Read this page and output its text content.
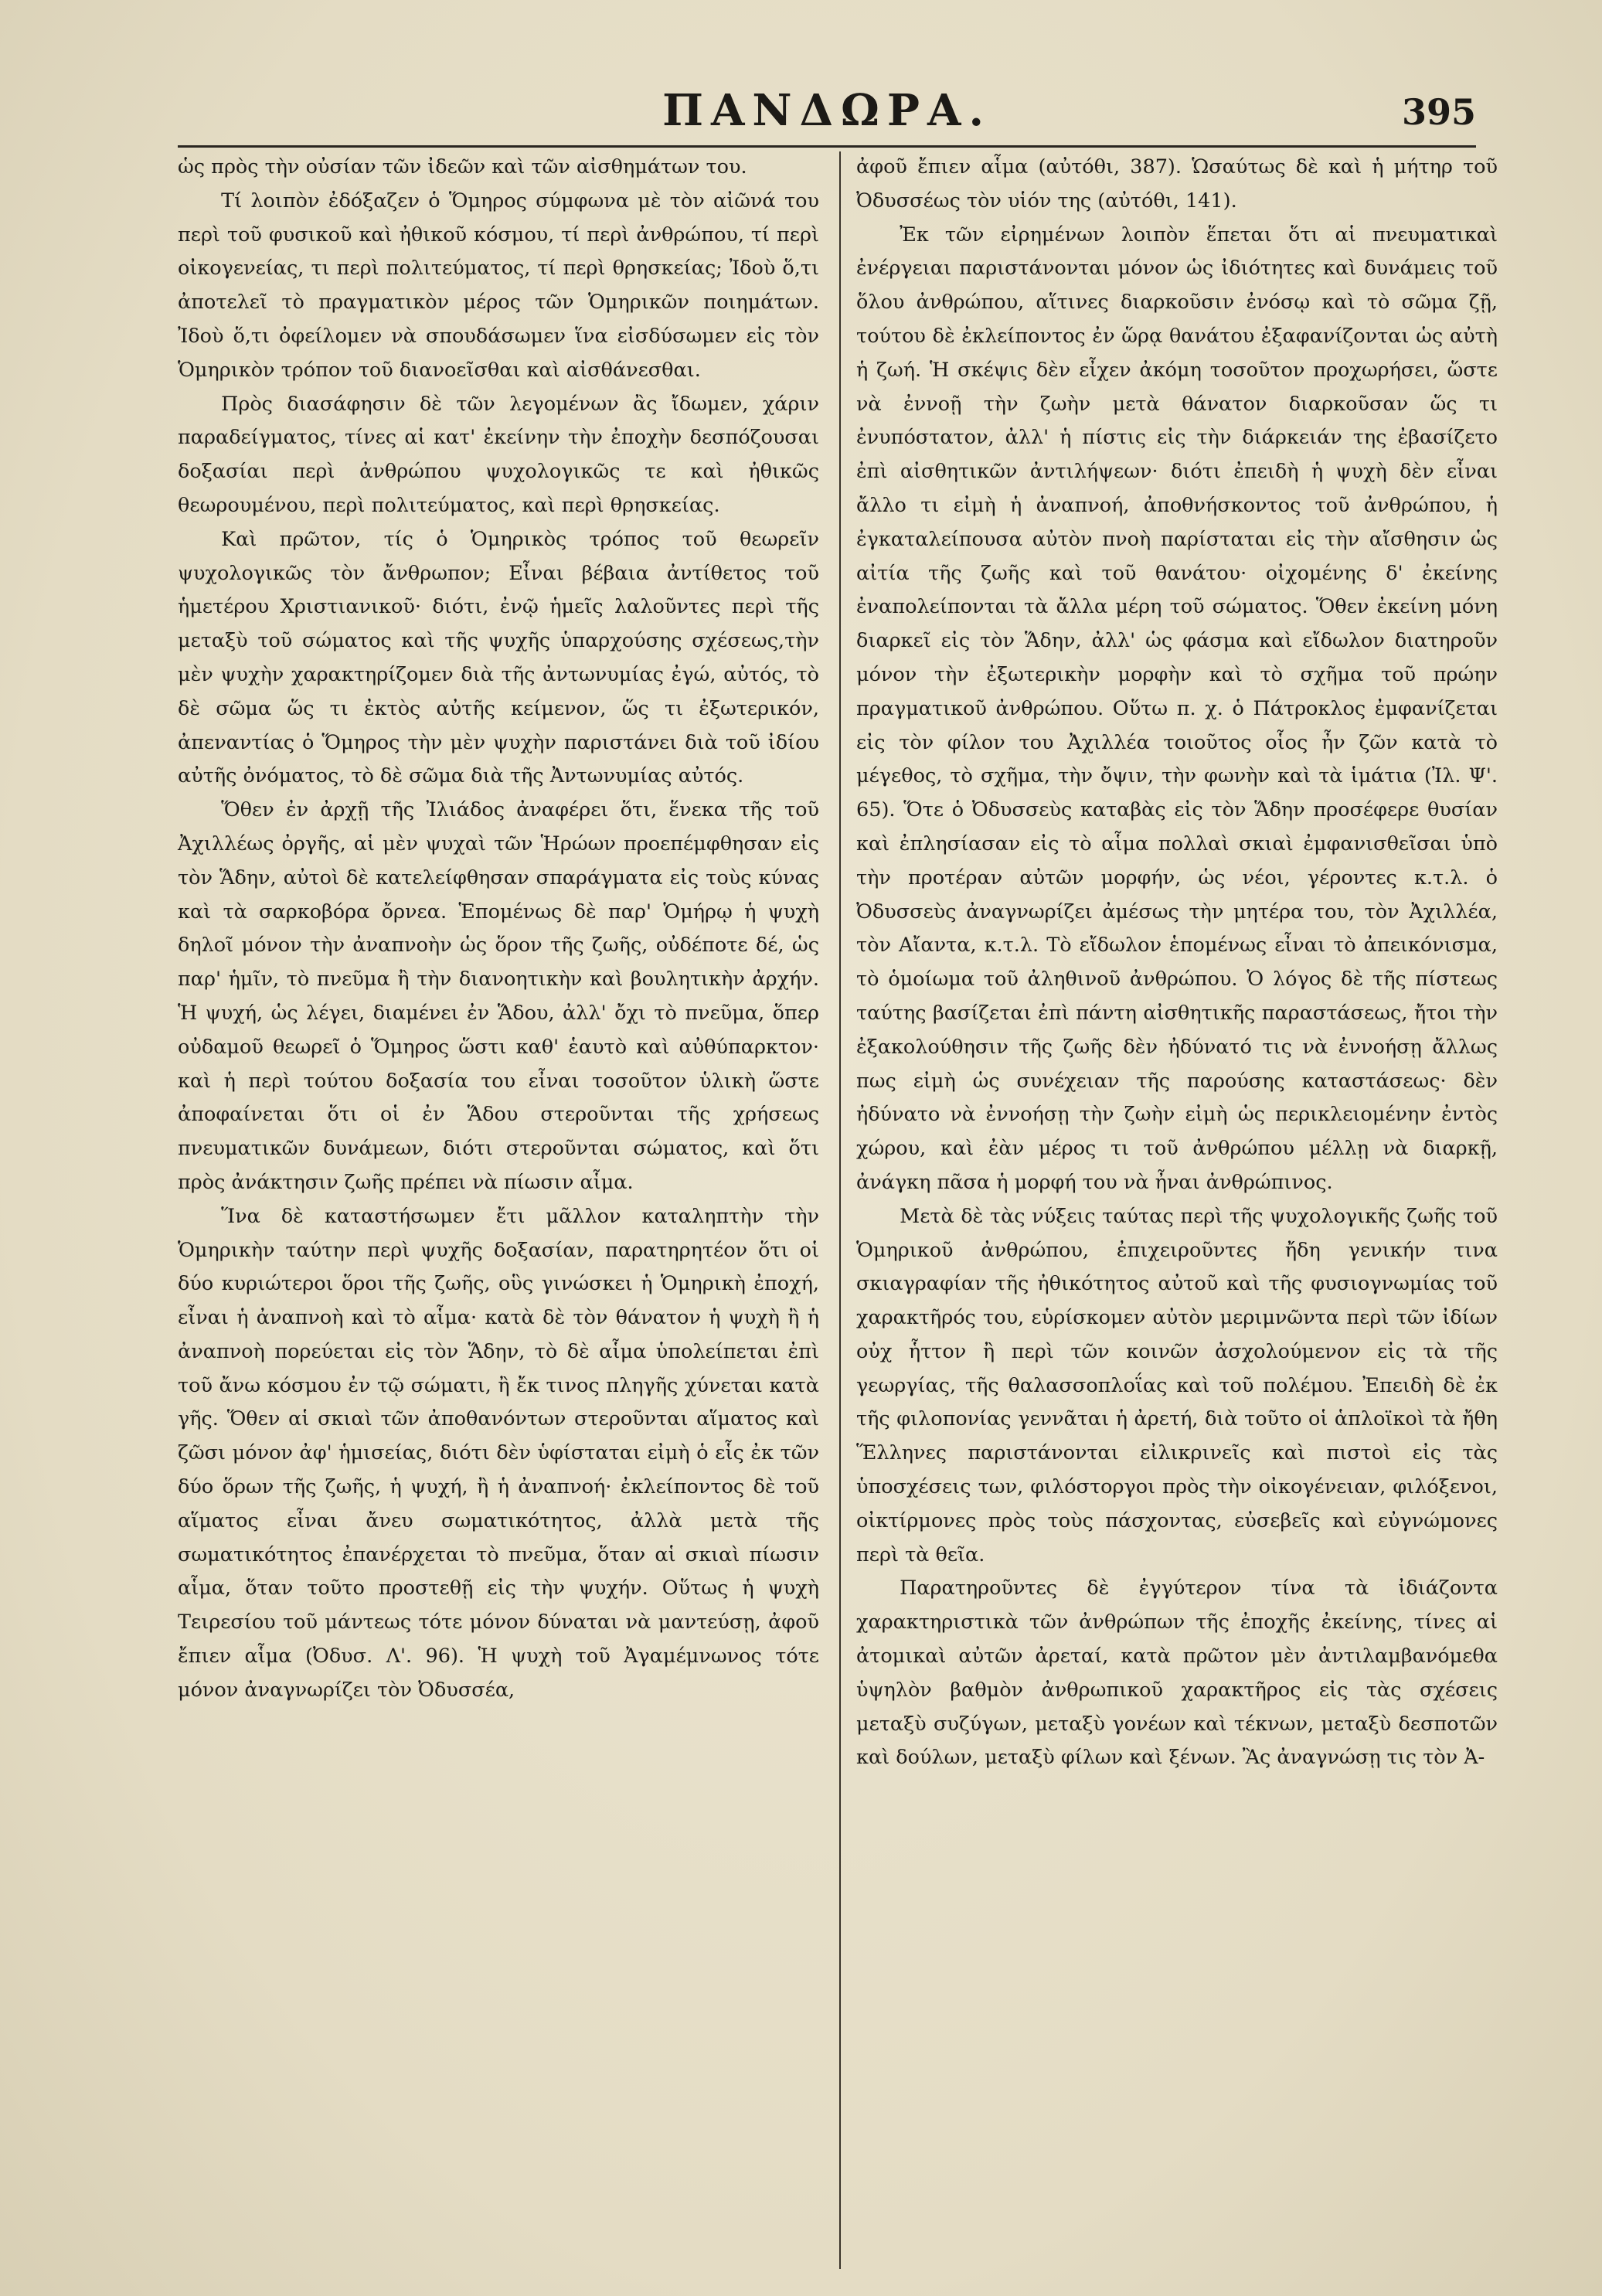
ΠΑΝΔΩΡΑ.	395

ὡς πρὸς τὴν οὐσίαν τῶν ἰδεῶν καὶ τῶν αἰσθημάτων του.

Τί λοιπὸν ἐδόξαζεν ὁ Ὅμηρος σύμφωνα μὲ τὸν αἰῶνά του περὶ τοῦ φυσικοῦ καὶ ἠθικοῦ κόσμου, τί περὶ ἀνθρώπου, τί περὶ οἰκογενείας, τι περὶ πολιτεύματος, τί περὶ θρησκείας; Ἰδοὺ ὅ,τι ἀποτελεῖ τὸ πραγματικὸν μέρος τῶν Ὁμηρικῶν ποιημάτων. Ἰδοὺ ὅ,τι ὀφείλομεν νὰ σπουδάσωμεν ἵνα εἰσδύσωμεν εἰς τὸν Ὁμηρικὸν τρόπον τοῦ διανοεῖσθαι καὶ αἰσθάνεσθαι.

Πρὸς διασάφησιν δὲ τῶν λεγομένων ἂς ἴδωμεν, χάριν παραδείγματος, τίνες αἱ κατ' ἐκείνην τὴν ἐποχὴν δεσπόζουσαι δοξασίαι περὶ ἀνθρώπου ψυχολογικῶς τε καὶ ἠθικῶς θεωρουμένου, περὶ πολιτεύματος, καὶ περὶ θρησκείας.

Καὶ πρῶτον, τίς ὁ Ὁμηρικὸς τρόπος τοῦ θεωρεῖν ψυχολογικῶς τὸν ἄνθρωπον; Εἶναι βέβαια ἀντίθετος τοῦ ἡμετέρου Χριστιανικοῦ· διότι, ἐνῷ ἡμεῖς λαλοῦντες περὶ τῆς μεταξὺ τοῦ σώματος καὶ τῆς ψυχῆς ὑπαρχούσης σχέσεως,τὴν μὲν ψυχὴν χαρακτηρίζομεν διὰ τῆς ἀντωνυμίας ἐγώ, αὐτός, τὸ δὲ σῶμα ὥς τι ἐκτὸς αὐτῆς κείμενον, ὥς τι ἐξωτερικόν, ἀπεναντίας ὁ Ὅμηρος τὴν μὲν ψυχὴν παριστάνει διὰ τοῦ ἰδίου αὐτῆς ὀνόματος, τὸ δὲ σῶμα διὰ τῆς Ἀντωνυμίας αὐτός.

Ὅθεν ἐν ἀρχῇ τῆς Ἰλιάδος ἀναφέρει ὅτι, ἕνεκα τῆς τοῦ Ἀχιλλέως ὀργῆς, αἱ μὲν ψυχαὶ τῶν Ἡρώων προεπέμφθησαν εἰς τὸν Ἅδην, αὐτοὶ δὲ κατελείφθησαν σπαράγματα εἰς τοὺς κύνας καὶ τὰ σαρκοβόρα ὄρνεα. Ἑπομένως δὲ παρ' Ὁμήρῳ ἡ ψυχὴ δηλοῖ μόνον τὴν ἀναπνοὴν ὡς ὅρον τῆς ζωῆς, οὐδέποτε δέ, ὡς παρ' ἡμῖν, τὸ πνεῦμα ἢ τὴν διανοητικὴν καὶ βουλητικὴν ἀρχήν. Ἡ ψυχή, ὡς λέγει, διαμένει ἐν Ἅδου, ἀλλ' ὄχι τὸ πνεῦμα, ὅπερ οὐδαμοῦ θεωρεῖ ὁ Ὅμηρος ὥστι καθ' ἑαυτὸ καὶ αὐθύπαρκτον· καὶ ἡ περὶ τούτου δοξασία του εἶναι τοσοῦτον ὑλικὴ ὥστε ἀποφαίνεται ὅτι οἱ ἐν Ἅδου στεροῦνται τῆς χρήσεως πνευματικῶν δυνάμεων, διότι στεροῦνται σώματος, καὶ ὅτι πρὸς ἀνάκτησιν ζωῆς πρέπει νὰ πίωσιν αἷμα.

Ἵνα δὲ καταστήσωμεν ἔτι μᾶλλον καταληπτὴν τὴν Ὁμηρικὴν ταύτην περὶ ψυχῆς δοξασίαν, παρατηρητέον ὅτι οἱ δύο κυριώτεροι ὅροι τῆς ζωῆς, οὓς γινώσκει ἡ Ὁμηρικὴ ἐποχή, εἶναι ἡ ἀναπνοὴ καὶ τὸ αἷμα· κατὰ δὲ τὸν θάνατον ἡ ψυχὴ ἢ ἡ ἀναπνοὴ πορεύεται εἰς τὸν Ἅδην, τὸ δὲ αἷμα ὑπολείπεται ἐπὶ τοῦ ἄνω κόσμου ἐν τῷ σώματι, ἢ ἔκ τινος πληγῆς χύνεται κατὰ γῆς. Ὅθεν αἱ σκιαὶ τῶν ἀποθανόντων στεροῦνται αἵματος καὶ ζῶσι μόνον ἀφ' ἡμισείας, διότι δὲν ὑφίσταται εἰμὴ ὁ εἷς ἐκ τῶν δύο ὅρων τῆς ζωῆς, ἡ ψυχή, ἢ ἡ ἀναπνοή· ἐκλείποντος δὲ τοῦ αἵματος εἶναι ἄνευ σωματικότητος, ἀλλὰ μετὰ τῆς σωματικότητος ἐπανέρχεται τὸ πνεῦμα, ὅταν αἱ σκιαὶ πίωσιν αἷμα, ὅταν τοῦτο προστεθῇ εἰς τὴν ψυχήν. Οὕτως ἡ ψυχὴ Τειρεσίου τοῦ μάντεως τότε μόνον δύναται νὰ μαντεύσῃ, ἀφοῦ ἔπιεν αἷμα (Ὀδυσ. Λ'. 96). Ἡ ψυχὴ τοῦ Ἀγαμέμνωνος τότε μόνον ἀναγνωρίζει τὸν Ὀδυσσέα,

ἀφοῦ ἔπιεν αἷμα (αὐτόθι, 387). Ὡσαύτως δὲ καὶ ἡ μήτηρ τοῦ Ὀδυσσέως τὸν υἱόν της (αὐτόθι, 141).

Ἐκ τῶν εἰρημένων λοιπὸν ἕπεται ὅτι αἱ πνευματικαὶ ἐνέργειαι παριστάνονται μόνον ὡς ἰδιότητες καὶ δυνάμεις τοῦ ὅλου ἀνθρώπου, αἵτινες διαρκοῦσιν ἐνόσῳ καὶ τὸ σῶμα ζῇ, τούτου δὲ ἐκλείποντος ἐν ὥρᾳ θανάτου ἐξαφανίζονται ὡς αὐτὴ ἡ ζωή. Ἡ σκέψις δὲν εἶχεν ἀκόμη τοσοῦτον προχωρήσει, ὥστε νὰ ἐννοῇ τὴν ζωὴν μετὰ θάνατον διαρκοῦσαν ὥς τι ἐνυπόστατον, ἀλλ' ἡ πίστις εἰς τὴν διάρκειάν της ἐβασίζετο ἐπὶ αἰσθητικῶν ἀντιλήψεων· διότι ἐπειδὴ ἡ ψυχὴ δὲν εἶναι ἄλλο τι εἰμὴ ἡ ἀναπνοή, ἀποθνήσκοντος τοῦ ἀνθρώπου, ἡ ἐγκαταλείπουσα αὐτὸν πνοὴ παρίσταται εἰς τὴν αἴσθησιν ὡς αἰτία τῆς ζωῆς καὶ τοῦ θανάτου· οἰχομένης δ' ἐκείνης ἐναπολείπονται τὰ ἄλλα μέρη τοῦ σώματος. Ὅθεν ἐκείνη μόνη διαρκεῖ εἰς τὸν Ἅδην, ἀλλ' ὡς φάσμα καὶ εἴδωλον διατηροῦν μόνον τὴν ἐξωτερικὴν μορφὴν καὶ τὸ σχῆμα τοῦ πρώην πραγματικοῦ ἀνθρώπου. Οὕτω π. χ. ὁ Πάτροκλος ἐμφανίζεται εἰς τὸν φίλον του Ἀχιλλέα τοιοῦτος οἷος ἦν ζῶν κατὰ τὸ μέγεθος, τὸ σχῆμα, τὴν ὄψιν, τὴν φωνὴν καὶ τὰ ἱμάτια (Ἰλ. Ψ'. 65). Ὅτε ὁ Ὀδυσσεὺς καταβὰς εἰς τὸν Ἅδην προσέφερε θυσίαν καὶ ἐπλησίασαν εἰς τὸ αἷμα πολλαὶ σκιαὶ ἐμφανισθεῖσαι ὑπὸ τὴν προτέραν αὐτῶν μορφήν, ὡς νέοι, γέροντες κ.τ.λ. ὁ Ὀδυσσεὺς ἀναγνωρίζει ἀμέσως τὴν μητέρα του, τὸν Ἀχιλλέα, τὸν Αἴαντα, κ.τ.λ. Τὸ εἴδωλον ἑπομένως εἶναι τὸ ἀπεικόνισμα, τὸ ὁμοίωμα τοῦ ἀληθινοῦ ἀνθρώπου. Ὁ λόγος δὲ τῆς πίστεως ταύτης βασίζεται ἐπὶ πάντη αἰσθητικῆς παραστάσεως, ἤτοι τὴν ἐξακολούθησιν τῆς ζωῆς δὲν ἠδύνατό τις νὰ ἐννοήσῃ ἄλλως πως εἰμὴ ὡς συνέχειαν τῆς παρούσης καταστάσεως· δὲν ἠδύνατο νὰ ἐννοήσῃ τὴν ζωὴν εἰμὴ ὡς περικλειομένην ἐντὸς χώρου, καὶ ἐὰν μέρος τι τοῦ ἀνθρώπου μέλλῃ νὰ διαρκῇ, ἀνάγκη πᾶσα ἡ μορφή του νὰ ἦναι ἀνθρώπινος.

Μετὰ δὲ τὰς νύξεις ταύτας περὶ τῆς ψυχολογικῆς ζωῆς τοῦ Ὁμηρικοῦ ἀνθρώπου, ἐπιχειροῦντες ἤδη γενικήν τινα σκιαγραφίαν τῆς ἠθικότητος αὐτοῦ καὶ τῆς φυσιογνωμίας τοῦ χαρακτῆρός του, εὑρίσκομεν αὐτὸν μεριμνῶντα περὶ τῶν ἰδίων οὐχ ἧττον ἢ περὶ τῶν κοινῶν ἀσχολούμενον εἰς τὰ τῆς γεωργίας, τῆς θαλασσοπλοΐας καὶ τοῦ πολέμου. Ἐπειδὴ δὲ ἐκ τῆς φιλοπονίας γεννᾶται ἡ ἀρετή, διὰ τοῦτο οἱ ἁπλοϊκοὶ τὰ ἤθη Ἕλληνες παριστάνονται εἰλικρινεῖς καὶ πιστοὶ εἰς τὰς ὑποσχέσεις των, φιλόστοργοι πρὸς τὴν οἰκογένειαν, φιλόξενοι, οἰκτίρμονες πρὸς τοὺς πάσχοντας, εὐσεβεῖς καὶ εὐγνώμονες περὶ τὰ θεῖα.

Παρατηροῦντες δὲ ἐγγύτερον τίνα τὰ ἰδιάζοντα χαρακτηριστικὰ τῶν ἀνθρώπων τῆς ἐποχῆς ἐκείνης, τίνες αἱ ἀτομικαὶ αὐτῶν ἀρεταί, κατὰ πρῶτον μὲν ἀντιλαμβανόμεθα ὑψηλὸν βαθμὸν ἀνθρωπικοῦ χαρακτῆρος εἰς τὰς σχέσεις μεταξὺ συζύγων, μεταξὺ γονέων καὶ τέκνων, μεταξὺ δεσποτῶν καὶ δούλων, μεταξὺ φίλων καὶ ξένων. Ἂς ἀναγνώσῃ τις τὸν Ἀ-
